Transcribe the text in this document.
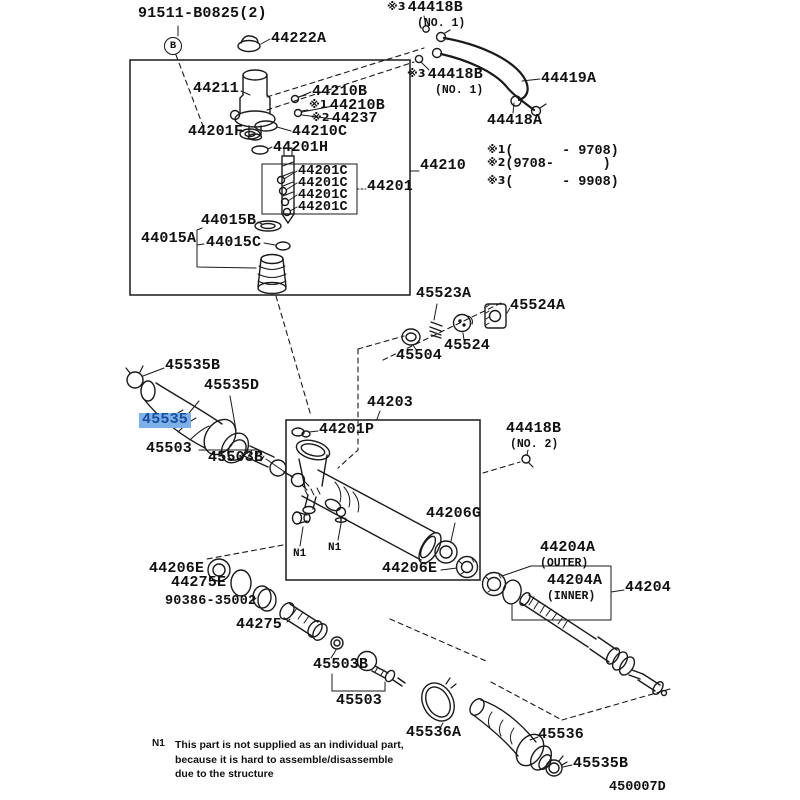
91511-B0825(2)
B	44222A
44211	44210B
※1 44210B
※2 44237
44201F	44210C
44201H
44201C
44201C
44201C
44201C
44201
44210
44015B
44015A 44015C
※3 44418B
(NO. 1)
※3 44418B
(NO. 1)
44419A
44418A
※1(      - 9708)
※2(9708-      )
※3(      - 9908)
45523A
45524A
45504
45524
45535B
45535D
45535
45503
45503B
44203
44201P	44418B
(NO. 2)
44206G
44206E
N1 N1	44204A
(OUTER)
44204A
(INNER)
44204
44206E
44275E
90386-35002
44275
45503B
45503
45536A	45536
45535B
N1 This part is not supplied as an individual part,
because it is hard to assemble/disassemble
due to the structure
450007D
